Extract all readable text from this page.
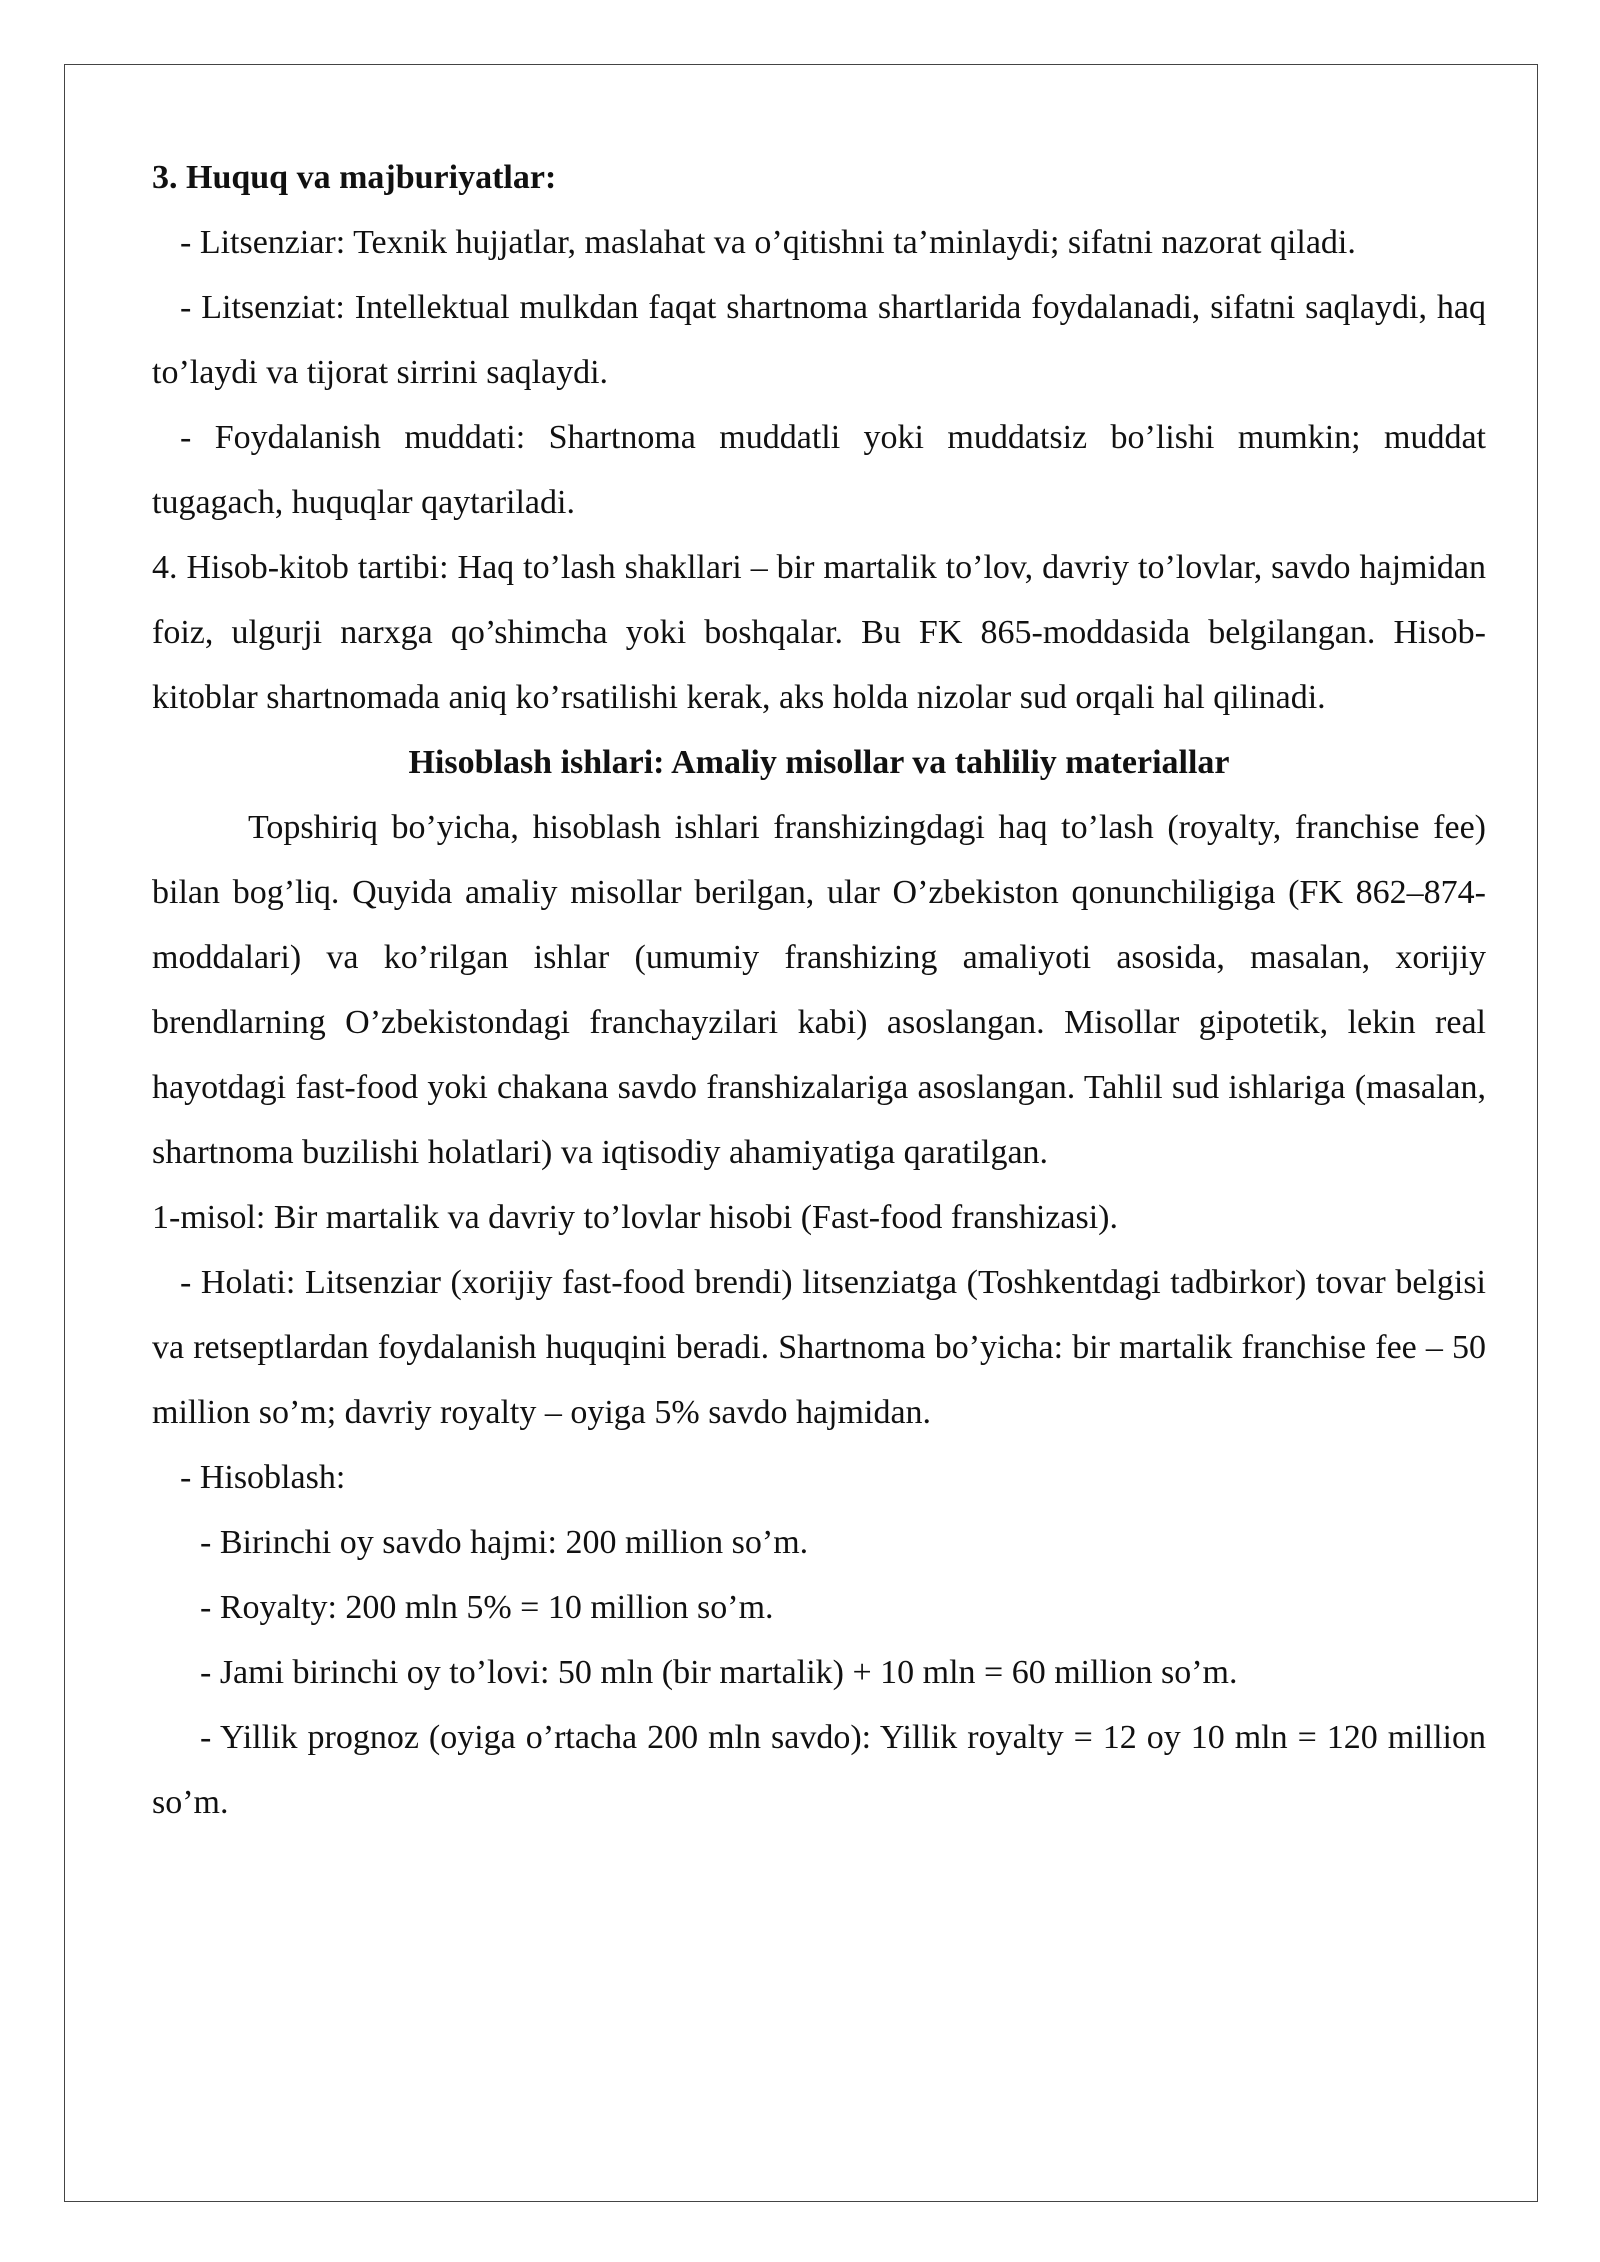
3. Huquq va majburiyatlar:

- Litsenziar: Texnik hujjatlar, maslahat va o’qitishni ta’minlaydi; sifatni nazorat qiladi.

- Litsenziat: Intellektual mulkdan faqat shartnoma shartlarida foydalanadi, sifatni saqlaydi, haq to’laydi va tijorat sirrini saqlaydi.

- Foydalanish muddati: Shartnoma muddatli yoki muddatsiz bo’lishi mumkin; muddat tugagach, huquqlar qaytariladi.

4. Hisob-kitob tartibi: Haq to’lash shakllari – bir martalik to’lov, davriy to’lovlar, savdo hajmidan foiz, ulgurji narxga qo’shimcha yoki boshqalar. Bu FK 865-moddasida belgilangan. Hisob-kitoblar shartnomada aniq ko’rsatilishi kerak, aks holda nizolar sud orqali hal qilinadi.

Hisoblash ishlari: Amaliy misollar va tahliliy materiallar

Topshiriq bo’yicha, hisoblash ishlari franshizingdagi haq to’lash (royalty, franchise fee) bilan bog’liq. Quyida amaliy misollar berilgan, ular O’zbekiston qonunchiligiga (FK 862–874-moddalari) va ko’rilgan ishlar (umumiy franshizing amaliyoti asosida, masalan, xorijiy brendlarning O’zbekistondagi franchayzilari kabi) asoslangan. Misollar gipotetik, lekin real hayotdagi fast-food yoki chakana savdo franshizalariga asoslangan. Tahlil sud ishlariga (masalan, shartnoma buzilishi holatlari) va iqtisodiy ahamiyatiga qaratilgan.

1-misol: Bir martalik va davriy to’lovlar hisobi (Fast-food franshizasi).

- Holati: Litsenziar (xorijiy fast-food brendi) litsenziatga (Toshkentdagi tadbirkor) tovar belgisi va retseptlardan foydalanish huquqini beradi. Shartnoma bo’yicha: bir martalik franchise fee – 50 million so’m; davriy royalty – oyiga 5% savdo hajmidan.

- Hisoblash:

- Birinchi oy savdo hajmi: 200 million so’m.

- Royalty: 200 mln 5% = 10 million so’m.

- Jami birinchi oy to’lovi: 50 mln (bir martalik) + 10 mln = 60 million so’m.

- Yillik prognoz (oyiga o’rtacha 200 mln savdo): Yillik royalty = 12 oy 10 mln = 120 million so’m.
